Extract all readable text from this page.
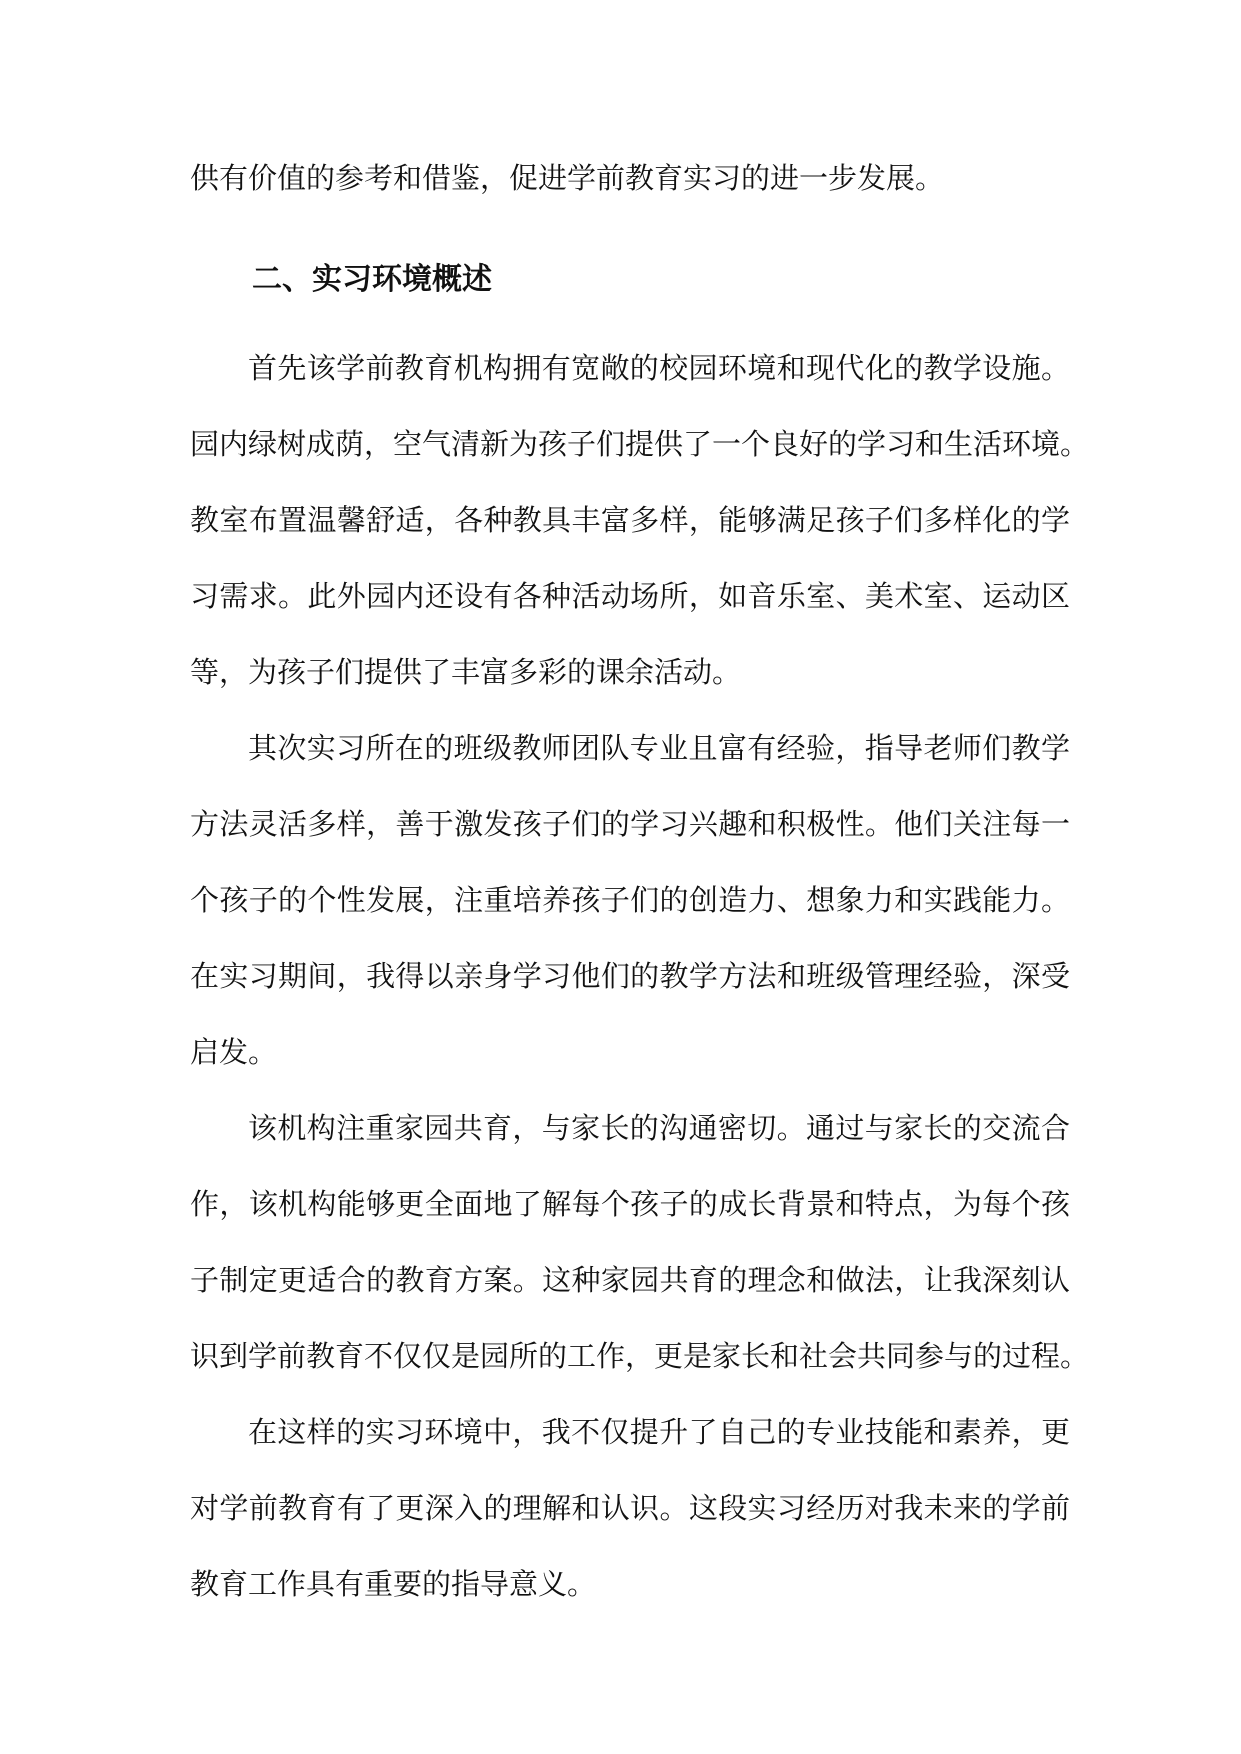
供有价值的参考和借鉴，促进学前教育实习的进一步发展。
二、实习环境概述
首先该学前教育机构拥有宽敞的校园环境和现代化的教学设施。
园内绿树成荫，空气清新为孩子们提供了一个良好的学习和生活环境。
教室布置温馨舒适，各种教具丰富多样，能够满足孩子们多样化的学
习需求。此外园内还设有各种活动场所，如音乐室、美术室、运动区
等，为孩子们提供了丰富多彩的课余活动。
其次实习所在的班级教师团队专业且富有经验，指导老师们教学
方法灵活多样，善于激发孩子们的学习兴趣和积极性。他们关注每一
个孩子的个性发展，注重培养孩子们的创造力、想象力和实践能力。
在实习期间，我得以亲身学习他们的教学方法和班级管理经验，深受
启发。
该机构注重家园共育，与家长的沟通密切。通过与家长的交流合
作，该机构能够更全面地了解每个孩子的成长背景和特点，为每个孩
子制定更适合的教育方案。这种家园共育的理念和做法，让我深刻认
识到学前教育不仅仅是园所的工作，更是家长和社会共同参与的过程。
在这样的实习环境中，我不仅提升了自己的专业技能和素养，更
对学前教育有了更深入的理解和认识。这段实习经历对我未来的学前
教育工作具有重要的指导意义。
